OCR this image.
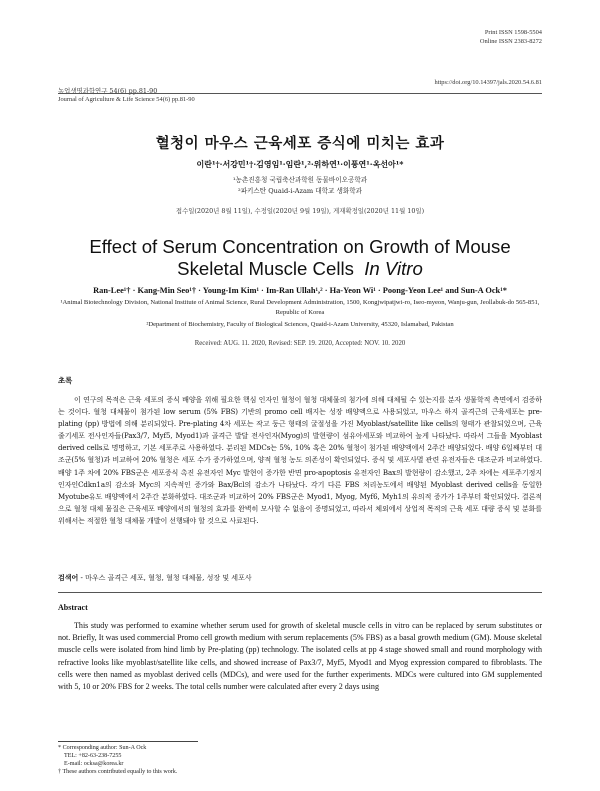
Print ISSN 1598-5504
Online ISSN 2383-8272
https://doi.org/10.14397/jals.2020.54.6.81
농업생명과학연구 54(6) pp.81-90
Journal of Agriculture & Life Science 54(6) pp.81-90
혈청이 마우스 근육세포 증식에 미치는 효과
이란¹†·서강민¹†·김영임¹·임란¹,²·위하연¹·이풍연¹·옥선아¹*
¹농촌진흥청 국립축산과학원 동물바이오공학과
²파키스탄 Quaid-i-Azam 대학교 생화학과
접수일(2020년 8월 11일), 수정일(2020년 9월 19일), 게재확정일(2020년 11월 10일)
Effect of Serum Concentration on Growth of Mouse
Skeletal Muscle Cells In Vitro
Ran-Lee¹† · Kang-Min Seo¹† · Young-Im Kim¹ · Im-Ran Ullah¹,² · Ha-Yeon Wi¹ · Poong-Yeon Lee¹ and Sun-A Ock¹*
¹Animal Biotechnology Division, National Institute of Animal Science, Rural Development Administration, 1500, Kongjwipatjwi-ro, Iseo-myeon, Wanju-gun, Jeollabuk-do 565-851, Republic of Korea
²Department of Biochemistry, Faculty of Biological Sciences, Quaid-i-Azam University, 45320, Islamabad, Pakistan
Received: AUG. 11. 2020, Revised: SEP. 19. 2020, Accepted: NOV. 10. 2020
초록
이 연구의 목적은 근육 세포의 증식 배양을 위해 필요한 핵심 인자인 혈청이 혈청 대체물의 첨가에 의해 대체될 수 있는지를 분자 생물학적 측면에서 검증하는 것이다. 혈청 대체물이 첨가된 low serum (5% FBS) 기반의 promo cell 배지는 성장 배양액으로 사용되었고, 마우스 하지 골격근의 근육세포는 pre-plating (pp) 방법에 의해 분리되었다. Pre-plating 4차 세포는 작고 둥근 형태의 굴절성을 가진 Myoblast/satellite like cells의 형태가 관찰되었으며, 근육 줄기세포 전사인자들(Pax3/7, Myf5, Myod1)과 골격근 발달 전사인자(Myog)의 발현량이 섬유아세포와 비교하여 높게 나타났다. 따라서 그들을 Myoblast derived cells로 명명하고, 기본 세포주로 사용하였다. 분리된 MDCs는 5%, 10% 혹은 20% 혈청이 첨가된 배양액에서 2주간 배양되었다. 배양 6일째부터 대조군(5% 혈청)과 비교하여 20% 혈청은 세포 수가 증가하였으며, 양적 혈청 농도 의존성이 확인되었다. 증식 및 세포사멸 관련 유전자들은 대조군과 비교하였다. 배양 1주 차에 20% FBS군은 세포증식 촉진 유전자인 Myc 발현이 증가한 반면 pro-apoptosis 유전자인 Bax의 발현량이 감소했고, 2주 차에는 세포주기정지 인자인Cdkn1a의 감소와 Myc의 지속적인 증가와 Bax/Bcl의 감소가 나타났다. 각기 다른 FBS 처리농도에서 배양된 Myoblast derived cells을 동일한 Myotube유도 배양액에서 2주간 분화하였다. 대조군과 비교하여 20% FBS군은 Myod1, Myog, Myf6, Myh1의 유의적 증가가 1주부터 확인되었다. 결론적으로 혈청 대체 물질은 근육세포 배양에서의 혈청의 효과를 완벽히 모사할 수 없음이 증명되었고, 따라서 체외에서 상업적 목적의 근육 세포 대량 증식 및 분화를 위해서는 적절한 혈청 대체물 개발이 선행돼야 할 것으로 사료된다.
검색어 - 마우스 골격근 세포, 혈청, 혈청 대체물, 성장 및 세포사
Abstract
This study was performed to examine whether serum used for growth of skeletal muscle cells in vitro can be replaced by serum substitutes or not. Briefly, It was used commercial Promo cell growth medium with serum replacements (5% FBS) as a basal growth medium (GM). Mouse skeletal muscle cells were isolated from hind limb by Pre-plating (pp) technology. The isolated cells at pp 4 stage showed small and round morphology with refractive looks like myoblast/satellite like cells, and showed increase of Pax3/7, Myf5, Myod1 and Myog expression compared to fibroblasts. The cells were then named as myoblast derived cells (MDCs), and were used for the further experiments. MDCs were cultured into GM supplemented with 5, 10 or 20% FBS for 2 weeks. The total cells number were calculated after every 2 days using
* Corresponding author: Sun-A Ock
TEL: +82-63-238-7255
E-mail: ocksa@korea.kr
† These authors contributed equally to this work.
